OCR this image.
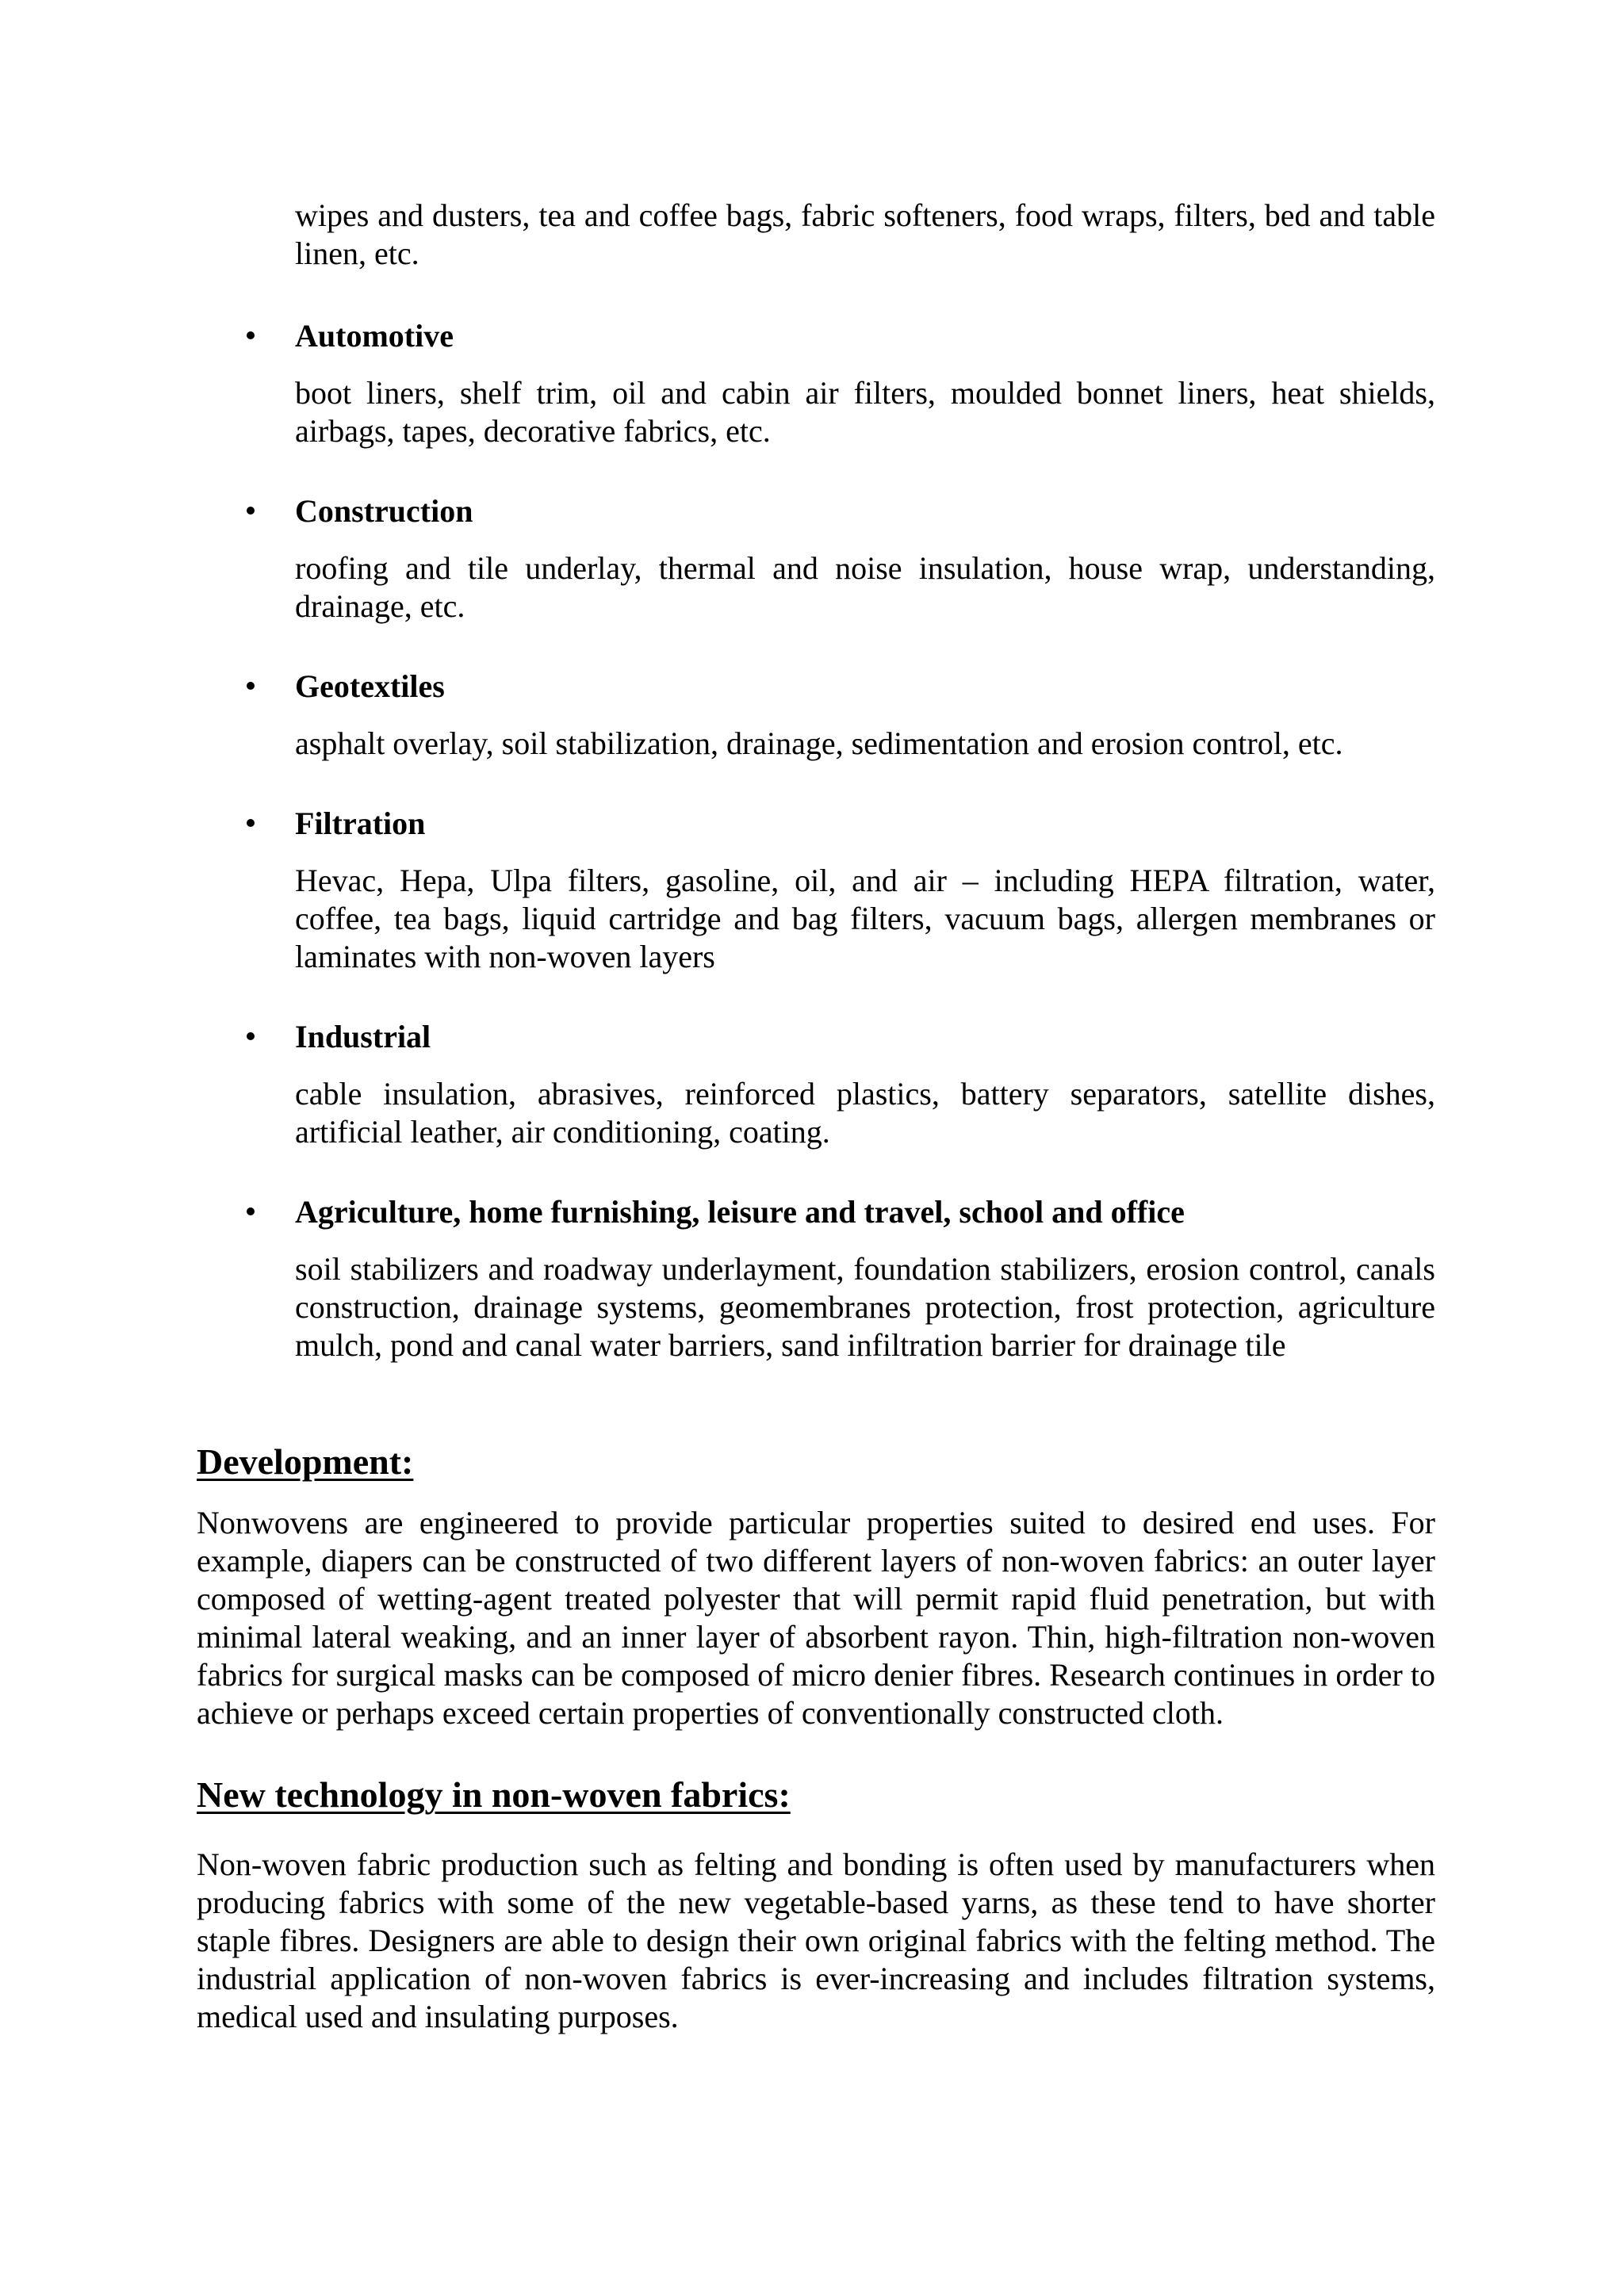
wipes and dusters, tea and coffee bags, fabric softeners, food wraps, filters, bed and table linen, etc.

Automotive

boot liners, shelf trim, oil and cabin air filters, moulded bonnet liners, heat shields, airbags, tapes, decorative fabrics, etc.

Construction

roofing and tile underlay, thermal and noise insulation, house wrap, understanding, drainage, etc.

Geotextiles

asphalt overlay, soil stabilization, drainage, sedimentation and erosion control, etc.

Filtration

Hevac, Hepa, Ulpa filters, gasoline, oil, and air – including HEPA filtration, water, coffee, tea bags, liquid cartridge and bag filters, vacuum bags, allergen membranes or laminates with non-woven layers

Industrial

cable insulation, abrasives, reinforced plastics, battery separators, satellite dishes, artificial leather, air conditioning, coating.

Agriculture, home furnishing, leisure and travel, school and office

soil stabilizers and roadway underlayment, foundation stabilizers, erosion control, canals construction, drainage systems, geomembranes protection, frost protection, agriculture mulch, pond and canal water barriers, sand infiltration barrier for drainage tile

Development:

Nonwovens are engineered to provide particular properties suited to desired end uses. For example, diapers can be constructed of two different layers of non-woven fabrics: an outer layer composed of wetting-agent treated polyester that will permit rapid fluid penetration, but with minimal lateral weaking, and an inner layer of absorbent rayon. Thin, high-filtration non-woven fabrics for surgical masks can be composed of micro denier fibres. Research continues in order to achieve or perhaps exceed certain properties of conventionally constructed cloth.

New technology in non-woven fabrics:

Non-woven fabric production such as felting and bonding is often used by manufacturers when producing fabrics with some of the new vegetable-based yarns, as these tend to have shorter staple fibres. Designers are able to design their own original fabrics with the felting method. The industrial application of non-woven fabrics is ever-increasing and includes filtration systems, medical used and insulating purposes.
